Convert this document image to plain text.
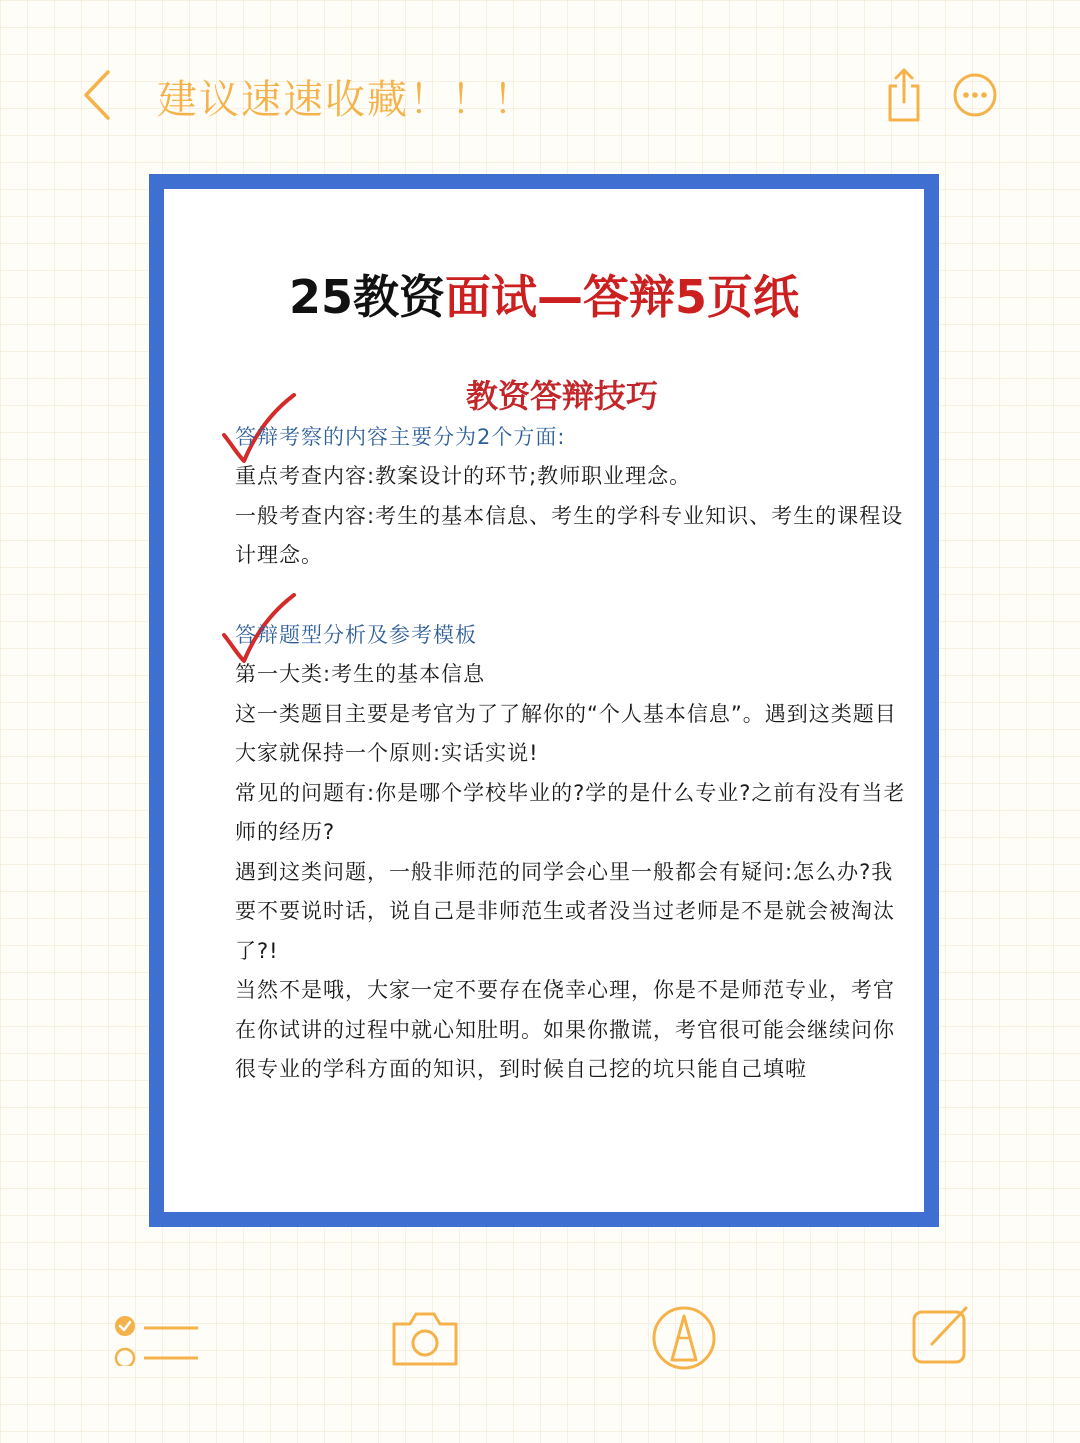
建议速速收藏！！！
25教资面试—答辩5页纸
教资答辩技巧
答辩考察的内容主要分为2个方面:
重点考查内容:教案设计的环节;教师职业理念。
一般考查内容:考生的基本信息、考生的学科专业知识、考生的课程设计理念。
答辩题型分析及参考模板
第一大类:考生的基本信息
这一类题目主要是考官为了了解你的“个人基本信息”。遇到这类题目大家就保持一个原则:实话实说!
常见的问题有:你是哪个学校毕业的?学的是什么专业?之前有没有当老师的经历?
遇到这类问题，一般非师范的同学会心里一般都会有疑问:怎么办?我要不要说时话，说自己是非师范生或者没当过老师是不是就会被淘汰了?!
当然不是哦，大家一定不要存在侥幸心理，你是不是师范专业，考官在你试讲的过程中就心知肚明。如果你撒谎，考官很可能会继续问你很专业的学科方面的知识，到时候自己挖的坑只能自己填啦
